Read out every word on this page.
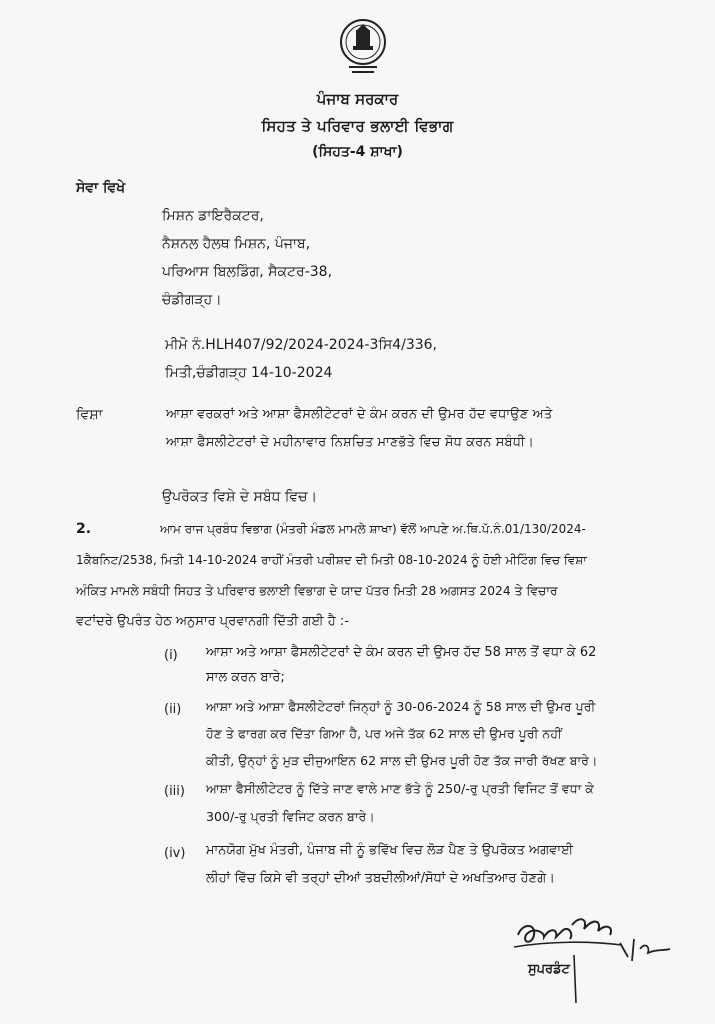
ਪੰਜਾਬ ਸਰਕਾਰ
ਸਿਹਤ ਤੇ ਪਰਿਵਾਰ ਭਲਾਈ ਵਿਭਾਗ
(ਸਿਹਤ-4 ਸ਼ਾਖਾ)
ਸੇਵਾ ਵਿਖੇ
ਮਿਸ਼ਨ ਡਾਇਰੈਕਟਰ,
ਨੈਸ਼ਨਲ ਹੈਲਥ ਮਿਸ਼ਨ, ਪੰਜਾਬ,
ਪਰਿਆਸ ਬਿਲਡਿੰਗ, ਸੈਕਟਰ-38,
ਚੰਡੀਗੜ੍ਹ।
ਮੀਮੋ ਨੰ.HLH407/92/2024-2024-3ਸਿ4/336,
ਮਿਤੀ,ਚੰਡੀਗੜ੍ਹ 14-10-2024
ਵਿਸ਼ਾ	ਆਸ਼ਾ ਵਰਕਰਾਂ ਅਤੇ ਆਸ਼ਾ ਫੈਸਲੀਟੇਟਰਾਂ ਦੇ ਕੰਮ ਕਰਨ ਦੀ ਉਮਰ ਹੱਦ ਵਧਾਉਣ ਅਤੇ
ਆਸ਼ਾ ਫੈਸਲੀਟੇਟਰਾਂ ਦੇ ਮਹੀਨਾਵਾਰ ਨਿਸ਼ਚਿਤ ਮਾਣਭੱਤੇ ਵਿਚ ਸੋਧ ਕਰਨ ਸਬੰਧੀ।
ਉਪਰੋਕਤ ਵਿਸ਼ੇ ਦੇ ਸਬੰਧ ਵਿਚ।
2.	ਆਮ ਰਾਜ ਪ੍ਰਬੰਧ ਵਿਭਾਗ (ਮੰਤਰੀ ਮੰਡਲ ਮਾਮਲੇ ਸ਼ਾਖਾ) ਵੱਲੋਂ ਆਪਣੇ ਅ.ਥਿ.ਪੱ.ਨੰ.01/130/2024-
1ਕੈਬਨਿਟ/2538, ਮਿਤੀ 14-10-2024 ਰਾਹੀਂ ਮੰਤਰੀ ਪਰੀਸ਼ਦ ਦੀ ਮਿਤੀ 08-10-2024 ਨੂੰ ਹੋਈ ਮੀਟਿੰਗ ਵਿਚ ਵਿਸ਼ਾ
ਅੰਕਿਤ ਮਾਮਲੇ ਸਬੰਧੀ ਸਿਹਤ ਤੇ ਪਰਿਵਾਰ ਭਲਾਈ ਵਿਭਾਗ ਦੇ ਯਾਦ ਪੱਤਰ ਮਿਤੀ 28 ਅਗਸਤ 2024 ਤੇ ਵਿਚਾਰ
ਵਟਾਂਦਰੇ ਉਪਰੰਤ ਹੇਠ ਅਨੁਸਾਰ ਪ੍ਰਵਾਨਗੀ ਦਿੱਤੀ ਗਈ ਹੈ :-
(i) ਆਸ਼ਾ ਅਤੇ ਆਸ਼ਾ ਫੈਸਲੀਟੇਟਰਾਂ ਦੇ ਕੰਮ ਕਰਨ ਦੀ ਉਮਰ ਹੱਦ 58 ਸਾਲ ਤੋਂ ਵਧਾ ਕੇ 62
ਸਾਲ ਕਰਨ ਬਾਰੇ;
(ii) ਆਸ਼ਾ ਅਤੇ ਆਸ਼ਾ ਫੈਸਲੀਟੇਟਰਾਂ ਜਿਨ੍ਹਾਂ ਨੂੰ 30-06-2024 ਨੂੰ 58 ਸਾਲ ਦੀ ਉਮਰ ਪੂਰੀ
ਹੋਣ ਤੇ ਫਾਰਗ ਕਰ ਦਿੱਤਾ ਗਿਆ ਹੈ, ਪਰ ਅਜੇ ਤੱਕ 62 ਸਾਲ ਦੀ ਉਮਰ ਪੂਰੀ ਨਹੀਂ
ਕੀਤੀ, ਉਨ੍ਹਾਂ ਨੂੰ ਮੁੜ ਦੀਜੁਆਇਨ 62 ਸਾਲ ਦੀ ਉਮਰ ਪੂਰੀ ਹੋਣ ਤੱਕ ਜਾਰੀ ਰੱਖਣ ਬਾਰੇ।
(iii) ਆਸ਼ਾ ਫੈਸੀਲੀਟੇਟਰ ਨੂੰ ਦਿੱਤੇ ਜਾਣ ਵਾਲੇ ਮਾਣ ਭੱਤੇ ਨੂੰ 250/-ਰੁ ਪ੍ਰਤੀ ਵਿਜਿਟ ਤੋਂ ਵਧਾ ਕੇ
300/-ਰੁ ਪ੍ਰਤੀ ਵਿਜਿਟ ਕਰਨ ਬਾਰੇ।
(iv) ਮਾਨਯੋਗ ਮੁੱਖ ਮੰਤਰੀ, ਪੰਜਾਬ ਜੀ ਨੂੰ ਭਵਿੱਖ ਵਿਚ ਲੋੜ ਪੈਣ ਤੇ ਉਪਰੋਕਤ ਅਗਵਾਈ
ਲੀਹਾਂ ਵਿੱਚ ਕਿਸੇ ਵੀ ਤਰ੍ਹਾਂ ਦੀਆਂ ਤਬਦੀਲੀਆਂ/ਸੋਧਾਂ ਦੇ ਅਖਤਿਆਰ ਹੋਣਗੇ।
ਸੁਪਰਡੰਟ
